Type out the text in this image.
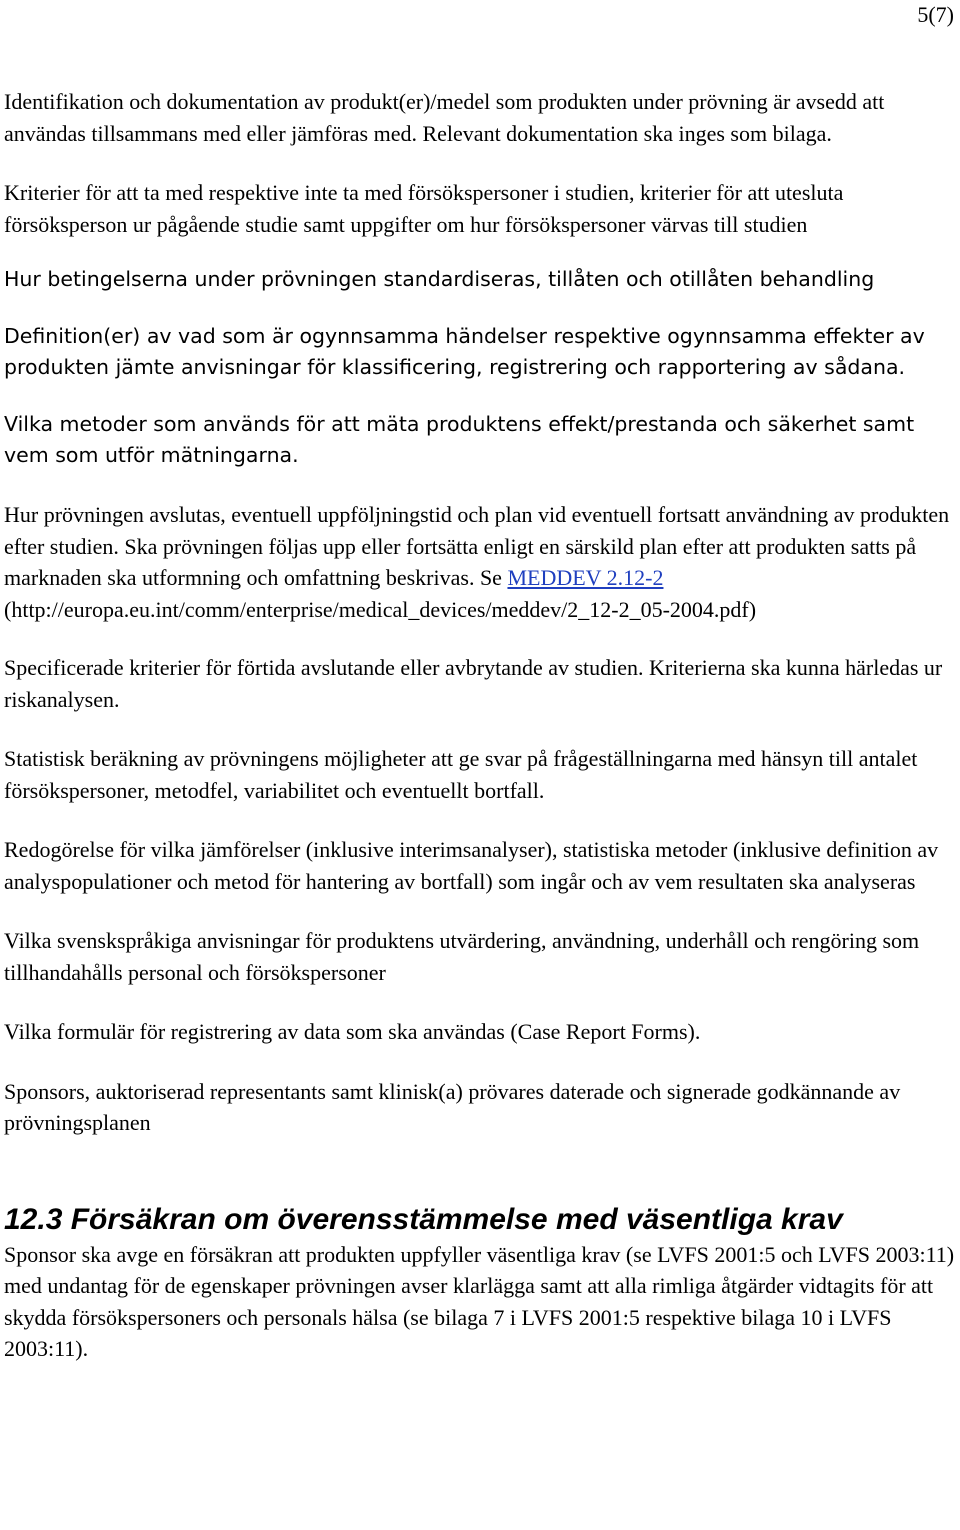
5(7)

Identifikation och dokumentation av produkt(er)/medel som produkten under prövning är avsedd att användas tillsammans med eller jämföras med. Relevant dokumentation ska inges som bilaga.

Kriterier för att ta med respektive inte ta med försökspersoner i studien, kriterier för att utesluta försöksperson ur pågående studie samt uppgifter om hur försökspersoner värvas till studien

Hur betingelserna under prövningen standardiseras, tillåten och otillåten behandling

Definition(er) av vad som är ogynnsamma händelser respektive ogynnsamma effekter av produkten jämte anvisningar för klassificering, registrering och rapportering av sådana.

Vilka metoder som används för att mäta produktens effekt/prestanda och säkerhet samt vem som utför mätningarna.

Hur prövningen avslutas, eventuell uppföljningstid och plan vid eventuell fortsatt användning av produkten efter studien. Ska prövningen följas upp eller fortsätta enligt en särskild plan efter att produkten satts på marknaden ska utformning och omfattning beskrivas. Se MEDDEV 2.12-2
(http://europa.eu.int/comm/enterprise/medical_devices/meddev/2_12-2_05-2004.pdf)

Specificerade kriterier för förtida avslutande eller avbrytande av studien. Kriterierna ska kunna härledas ur riskanalysen.

Statistisk beräkning av prövningens möjligheter att ge svar på frågeställningarna med hänsyn till antalet försökspersoner, metodfel, variabilitet och eventuellt bortfall.

Redogörelse för vilka jämförelser (inklusive interimsanalyser), statistiska metoder (inklusive definition av analyspopulationer och metod för hantering av bortfall) som ingår och av vem resultaten ska analyseras

Vilka svenskspråkiga anvisningar för produktens utvärdering, användning, underhåll och rengöring som tillhandahålls personal och försökspersoner

Vilka formulär för registrering av data som ska användas (Case Report Forms).

Sponsors, auktoriserad representants samt klinisk(a) prövares daterade och signerade godkännande av prövningsplanen

12.3 Försäkran om överensstämmelse med väsentliga krav

Sponsor ska avge en försäkran att produkten uppfyller väsentliga krav (se LVFS 2001:5 och LVFS 2003:11) med undantag för de egenskaper prövningen avser klarlägga samt att alla rimliga åtgärder vidtagits för att skydda försökspersoners och personals hälsa (se bilaga 7 i LVFS 2001:5 respektive bilaga 10 i LVFS 2003:11).
